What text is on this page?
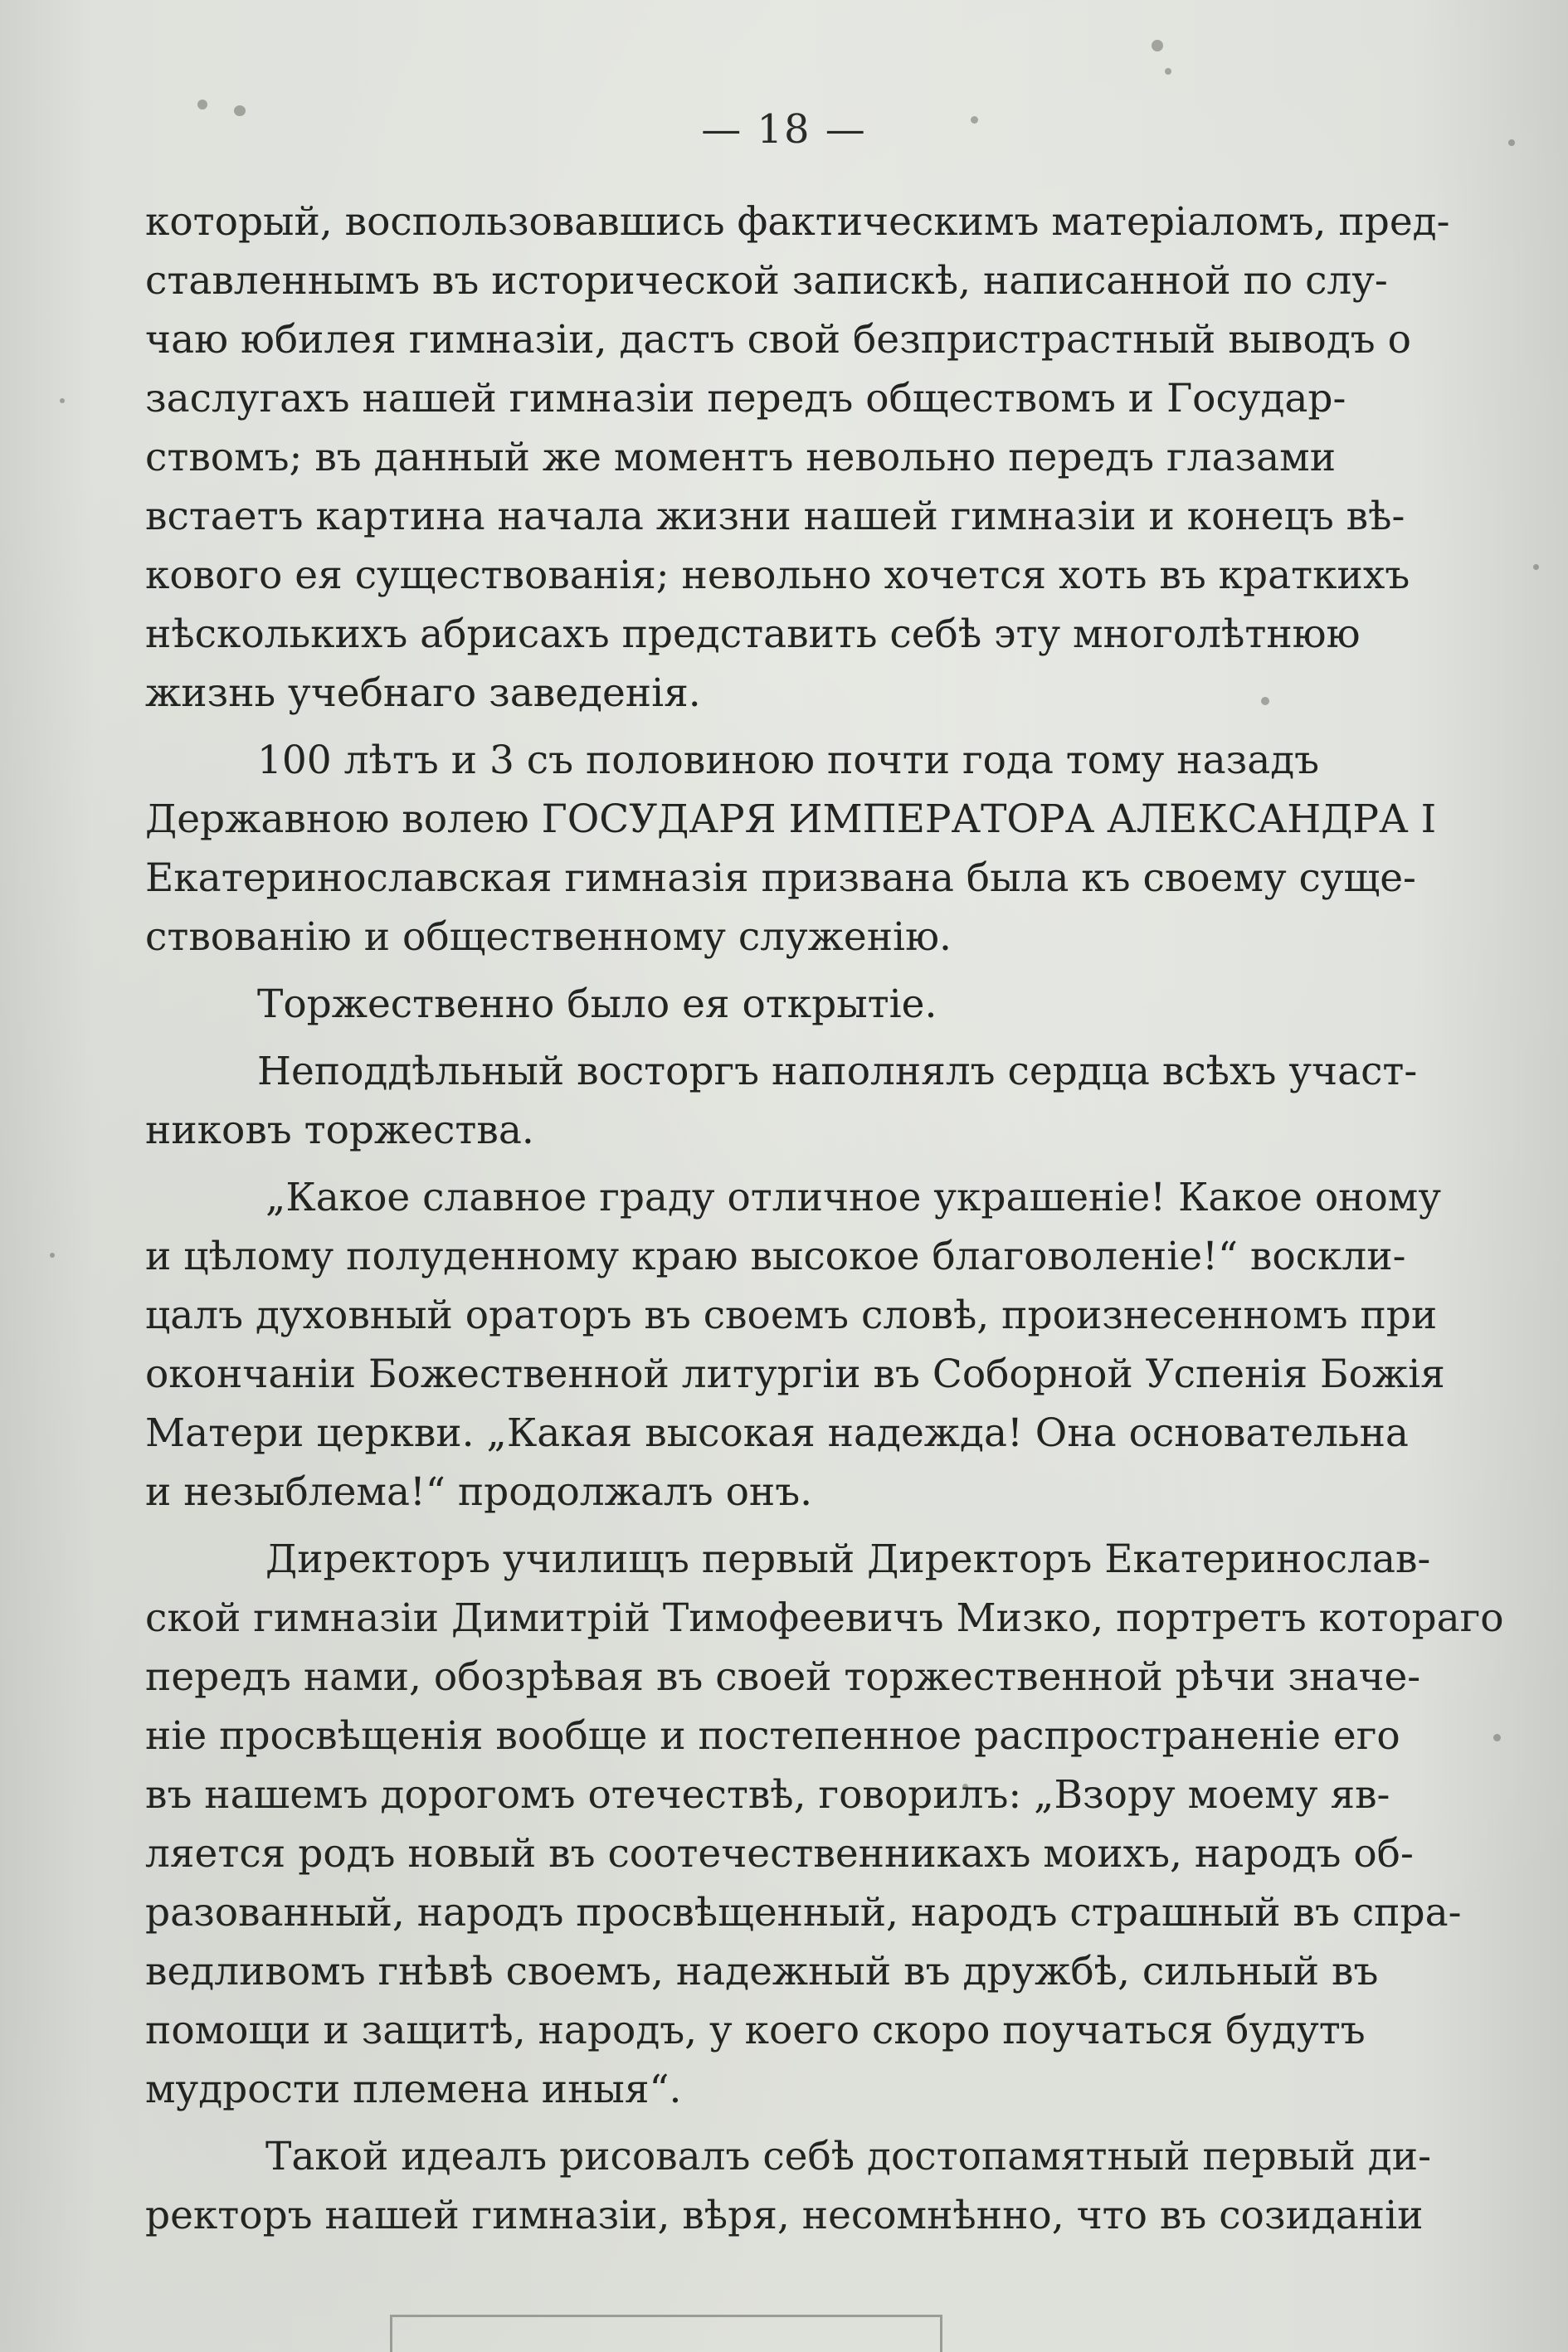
— 18 —
который, воспользовавшись фактическимъ матеріаломъ, пред-
ставленнымъ въ исторической запискѣ, написанной по слу-
чаю юбилея гимназіи, дастъ свой безпристрастный выводъ о
заслугахъ нашей гимназіи передъ обществомъ и Государ-
ствомъ; въ данный же моментъ невольно передъ глазами
встаетъ картина начала жизни нашей гимназіи и конецъ вѣ-
кового ея существованія; невольно хочется хоть въ краткихъ
нѣсколькихъ абрисахъ представить себѣ эту многолѣтнюю
жизнь учебнаго заведенія.
100 лѣтъ и 3 съ половиною почти года тому назадъ
Державною волею ГОСУДАРЯ ИМПЕРАТОРА АЛЕКСАНДРА I
Екатеринославская гимназія призвана была къ своему суще-
ствованію и общественному служенію.
Торжественно было ея открытіе.
Неподдѣльный восторгъ наполнялъ сердца всѣхъ участ-
никовъ торжества.
„Какое славное граду отличное украшеніе! Какое оному
и цѣлому полуденному краю высокое благоволеніе!“ воскли-
цалъ духовный ораторъ въ своемъ словѣ, произнесенномъ при
окончаніи Божественной литургіи въ Соборной Успенія Божія
Матери церкви. „Какая высокая надежда! Она основательна
и незыблема!“ продолжалъ онъ.
Директоръ училищъ первый Директоръ Екатеринослав-
ской гимназіи Димитрій Тимофеевичъ Мизко, портретъ котораго
передъ нами, обозрѣвая въ своей торжественной рѣчи значе-
ніе просвѣщенія вообще и постепенное распространеніе его
въ нашемъ дорогомъ отечествѣ, говорилъ: „Взору моему яв-
ляется родъ новый въ соотечественникахъ моихъ, народъ об-
разованный, народъ просвѣщенный, народъ страшный въ спра-
ведливомъ гнѣвѣ своемъ, надежный въ дружбѣ, сильный въ
помощи и защитѣ, народъ, у коего скоро поучаться будутъ
мудрости племена иныя“.
Такой идеалъ рисовалъ себѣ достопамятный первый ди-
ректоръ нашей гимназіи, вѣря, несомнѣнно, что въ созиданіи
